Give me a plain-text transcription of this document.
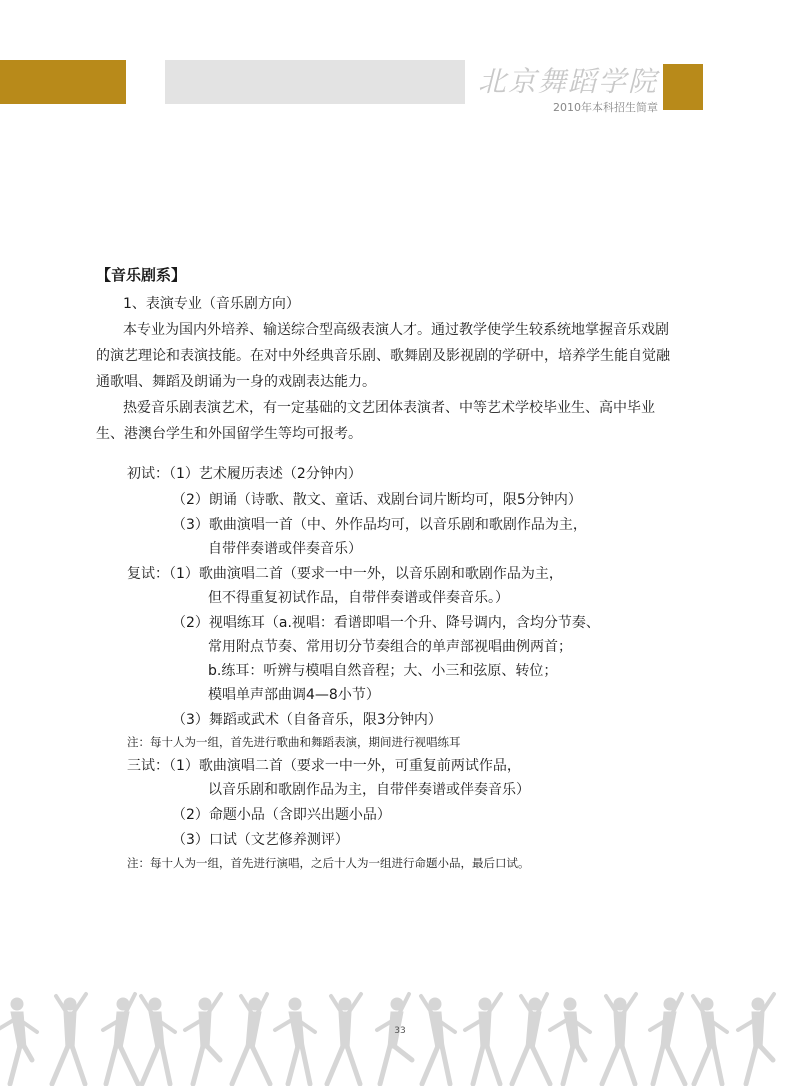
北京舞蹈学院
2010年本科招生简章
【音乐剧系】
1、表演专业（音乐剧方向）
本专业为国内外培养、输送综合型高级表演人才。通过教学使学生较系统地掌握音乐戏剧
的演艺理论和表演技能。在对中外经典音乐剧、歌舞剧及影视剧的学研中，培养学生能自觉融
通歌唱、舞蹈及朗诵为一身的戏剧表达能力。
热爱音乐剧表演艺术，有一定基础的文艺团体表演者、中等艺术学校毕业生、高中毕业
生、港澳台学生和外国留学生等均可报考。
初试：（1）艺术履历表述（2分钟内）
（2）朗诵（诗歌、散文、童话、戏剧台词片断均可，限5分钟内）
（3）歌曲演唱一首（中、外作品均可，以音乐剧和歌剧作品为主，
自带伴奏谱或伴奏音乐）
复试：（1）歌曲演唱二首（要求一中一外，以音乐剧和歌剧作品为主，
但不得重复初试作品，自带伴奏谱或伴奏音乐。）
（2）视唱练耳（a.视唱：看谱即唱一个升、降号调内，含均分节奏、
常用附点节奏、常用切分节奏组合的单声部视唱曲例两首；
b.练耳：听辨与模唱自然音程；大、小三和弦原、转位；
模唱单声部曲调4—8小节）
（3）舞蹈或武术（自备音乐，限3分钟内）
注：每十人为一组，首先进行歌曲和舞蹈表演，期间进行视唱练耳
三试：（1）歌曲演唱二首（要求一中一外，可重复前两试作品，
以音乐剧和歌剧作品为主，自带伴奏谱或伴奏音乐）
（2）命题小品（含即兴出题小品）
（3）口试（文艺修养测评）
注：每十人为一组，首先进行演唱，之后十人为一组进行命题小品，最后口试。
33
